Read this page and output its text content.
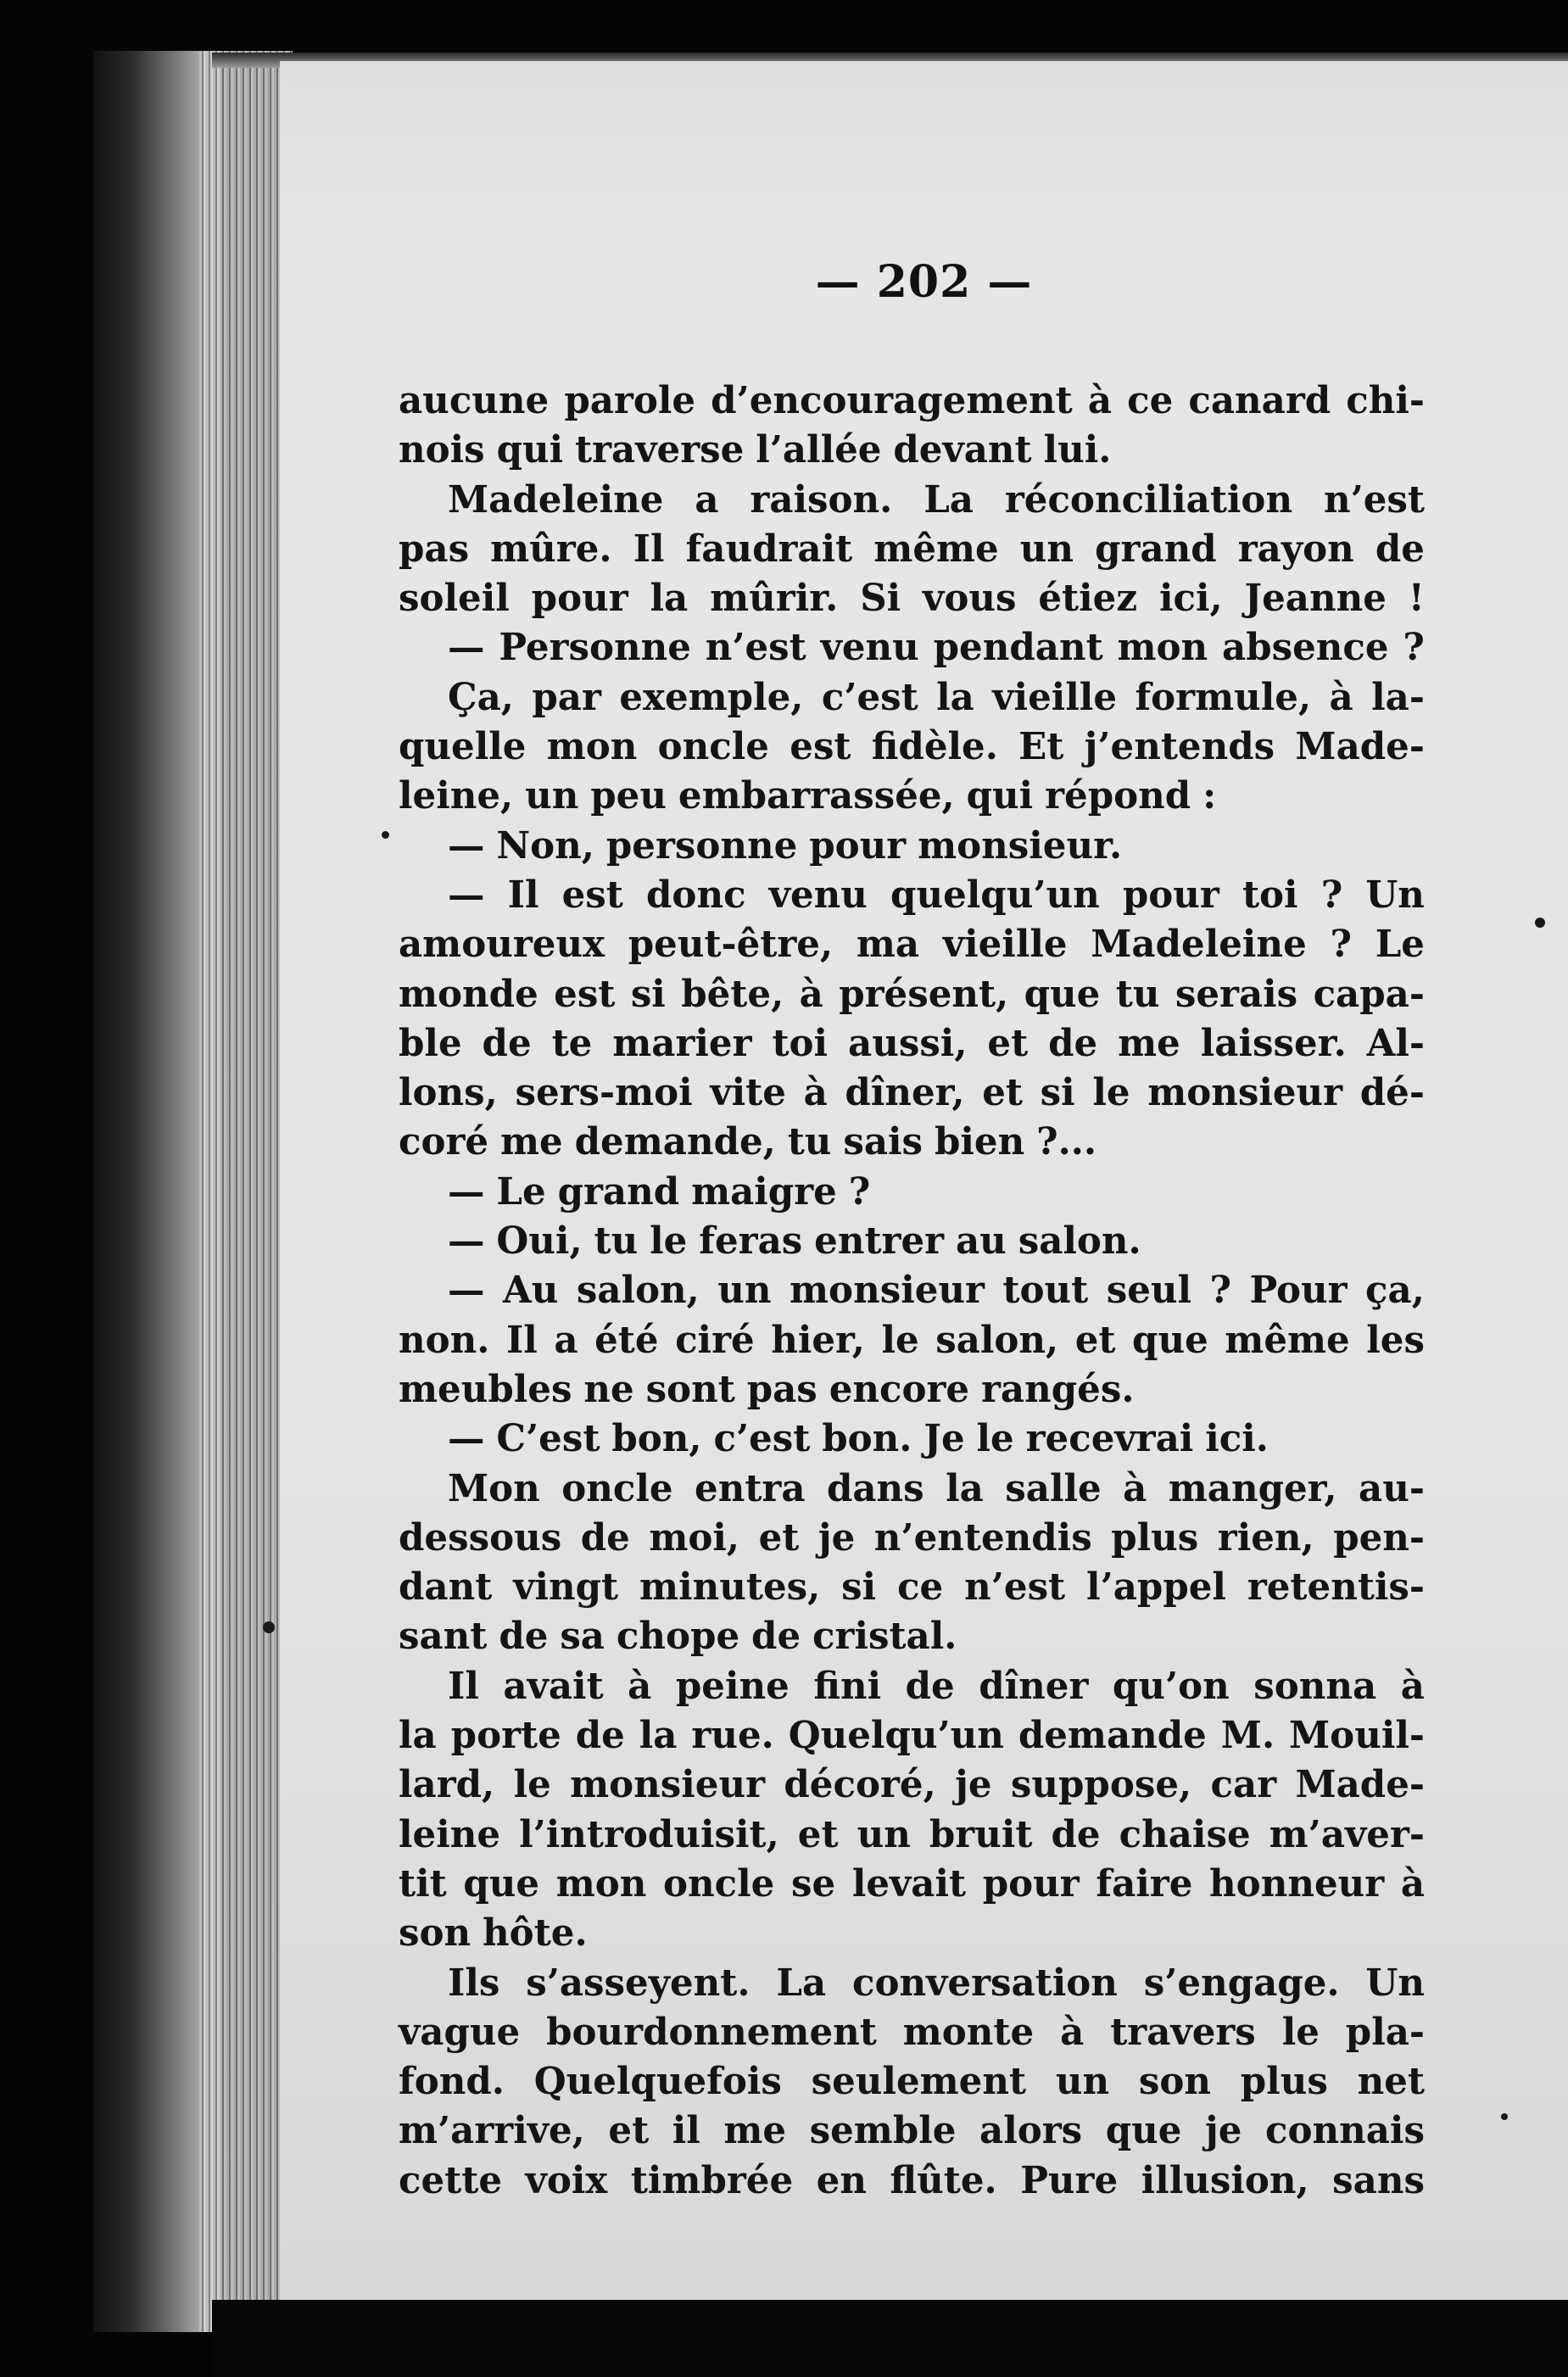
— 202 —
aucune parole d’encouragement à ce canard chi-
nois qui traverse l’allée devant lui.
Madeleine a raison. La réconciliation n’est
pas mûre. Il faudrait même un grand rayon de
soleil pour la mûrir. Si vous étiez ici, Jeanne !
— Personne n’est venu pendant mon absence ?
Ça, par exemple, c’est la vieille formule, à la-
quelle mon oncle est fidèle. Et j’entends Made-
leine, un peu embarrassée, qui répond :
— Non, personne pour monsieur.
— Il est donc venu quelqu’un pour toi ? Un
amoureux peut-être, ma vieille Madeleine ? Le
monde est si bête, à présent, que tu serais capa-
ble de te marier toi aussi, et de me laisser. Al-
lons, sers-moi vite à dîner, et si le monsieur dé-
coré me demande, tu sais bien ?...
— Le grand maigre ?
— Oui, tu le feras entrer au salon.
— Au salon, un monsieur tout seul ? Pour ça,
non. Il a été ciré hier, le salon, et que même les
meubles ne sont pas encore rangés.
— C’est bon, c’est bon. Je le recevrai ici.
Mon oncle entra dans la salle à manger, au-
dessous de moi, et je n’entendis plus rien, pen-
dant vingt minutes, si ce n’est l’appel retentis-
sant de sa chope de cristal.
Il avait à peine fini de dîner qu’on sonna à
la porte de la rue. Quelqu’un demande M. Mouil-
lard, le monsieur décoré, je suppose, car Made-
leine l’introduisit, et un bruit de chaise m’aver-
tit que mon oncle se levait pour faire honneur à
son hôte.
Ils s’asseyent. La conversation s’engage. Un
vague bourdonnement monte à travers le pla-
fond. Quelquefois seulement un son plus net
m’arrive, et il me semble alors que je connais
cette voix timbrée en flûte. Pure illusion, sans
